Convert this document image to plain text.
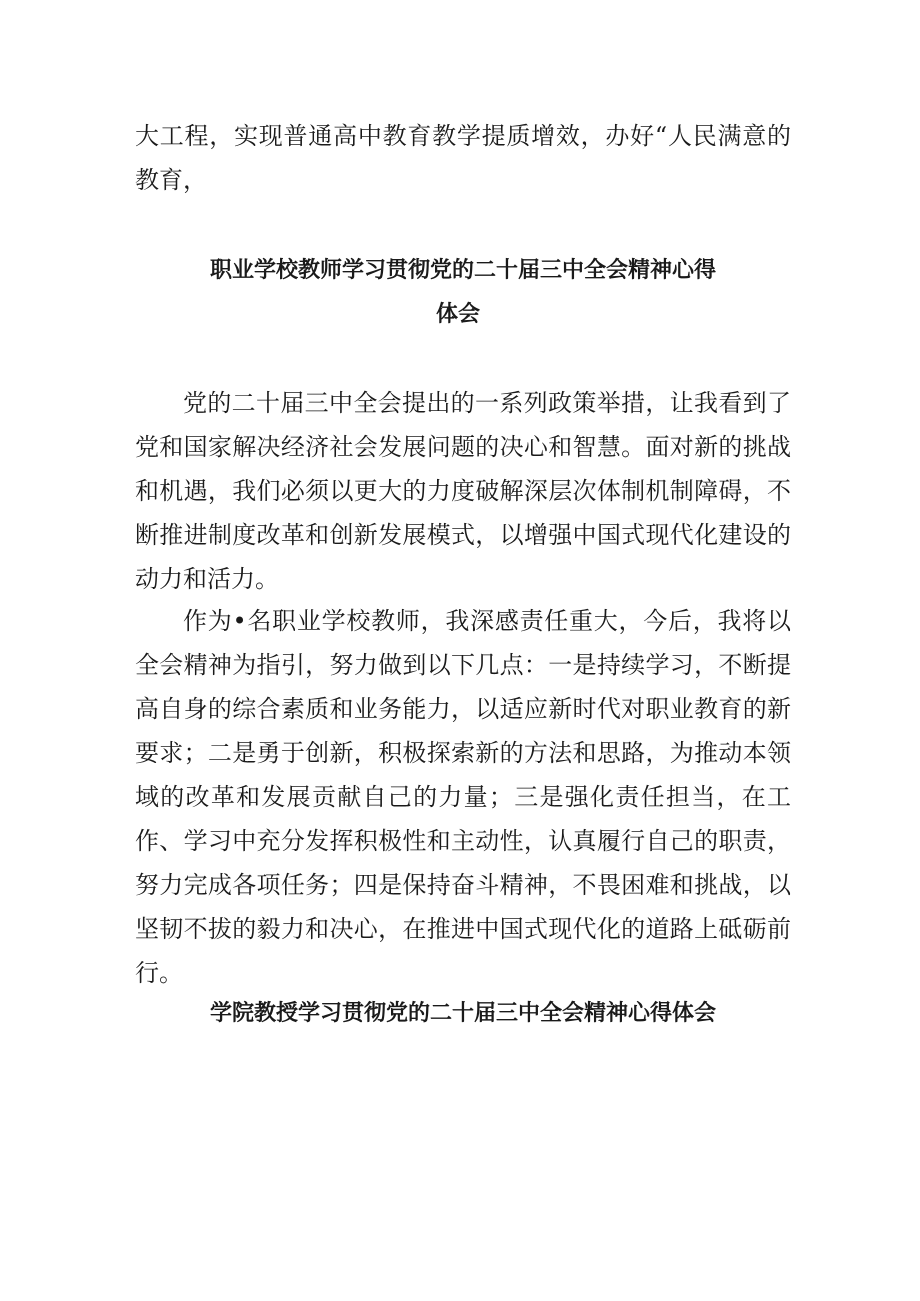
大工程，实现普通高中教育教学提质增效，办好“人民满意的教育，
职业学校教师学习贯彻党的二十届三中全会精神心得
体会
党的二十届三中全会提出的一系列政策举措，让我看到了党和国家解决经济社会发展问题的决心和智慧。面对新的挑战和机遇，我们必须以更大的力度破解深层次体制机制障碍，不断推进制度改革和创新发展模式，以增强中国式现代化建设的动力和活力。
作为•名职业学校教师，我深感责任重大，今后，我将以全会精神为指引，努力做到以下几点：一是持续学习，不断提高自身的综合素质和业务能力，以适应新时代对职业教育的新要求；二是勇于创新，积极探索新的方法和思路，为推动本领域的改革和发展贡献自己的力量；三是强化责任担当，在工作、学习中充分发挥积极性和主动性，认真履行自己的职责，努力完成各项任务；四是保持奋斗精神，不畏困难和挑战，以坚韧不拔的毅力和决心，在推进中国式现代化的道路上砥砺前行。
学院教授学习贯彻党的二十届三中全会精神心得体会
